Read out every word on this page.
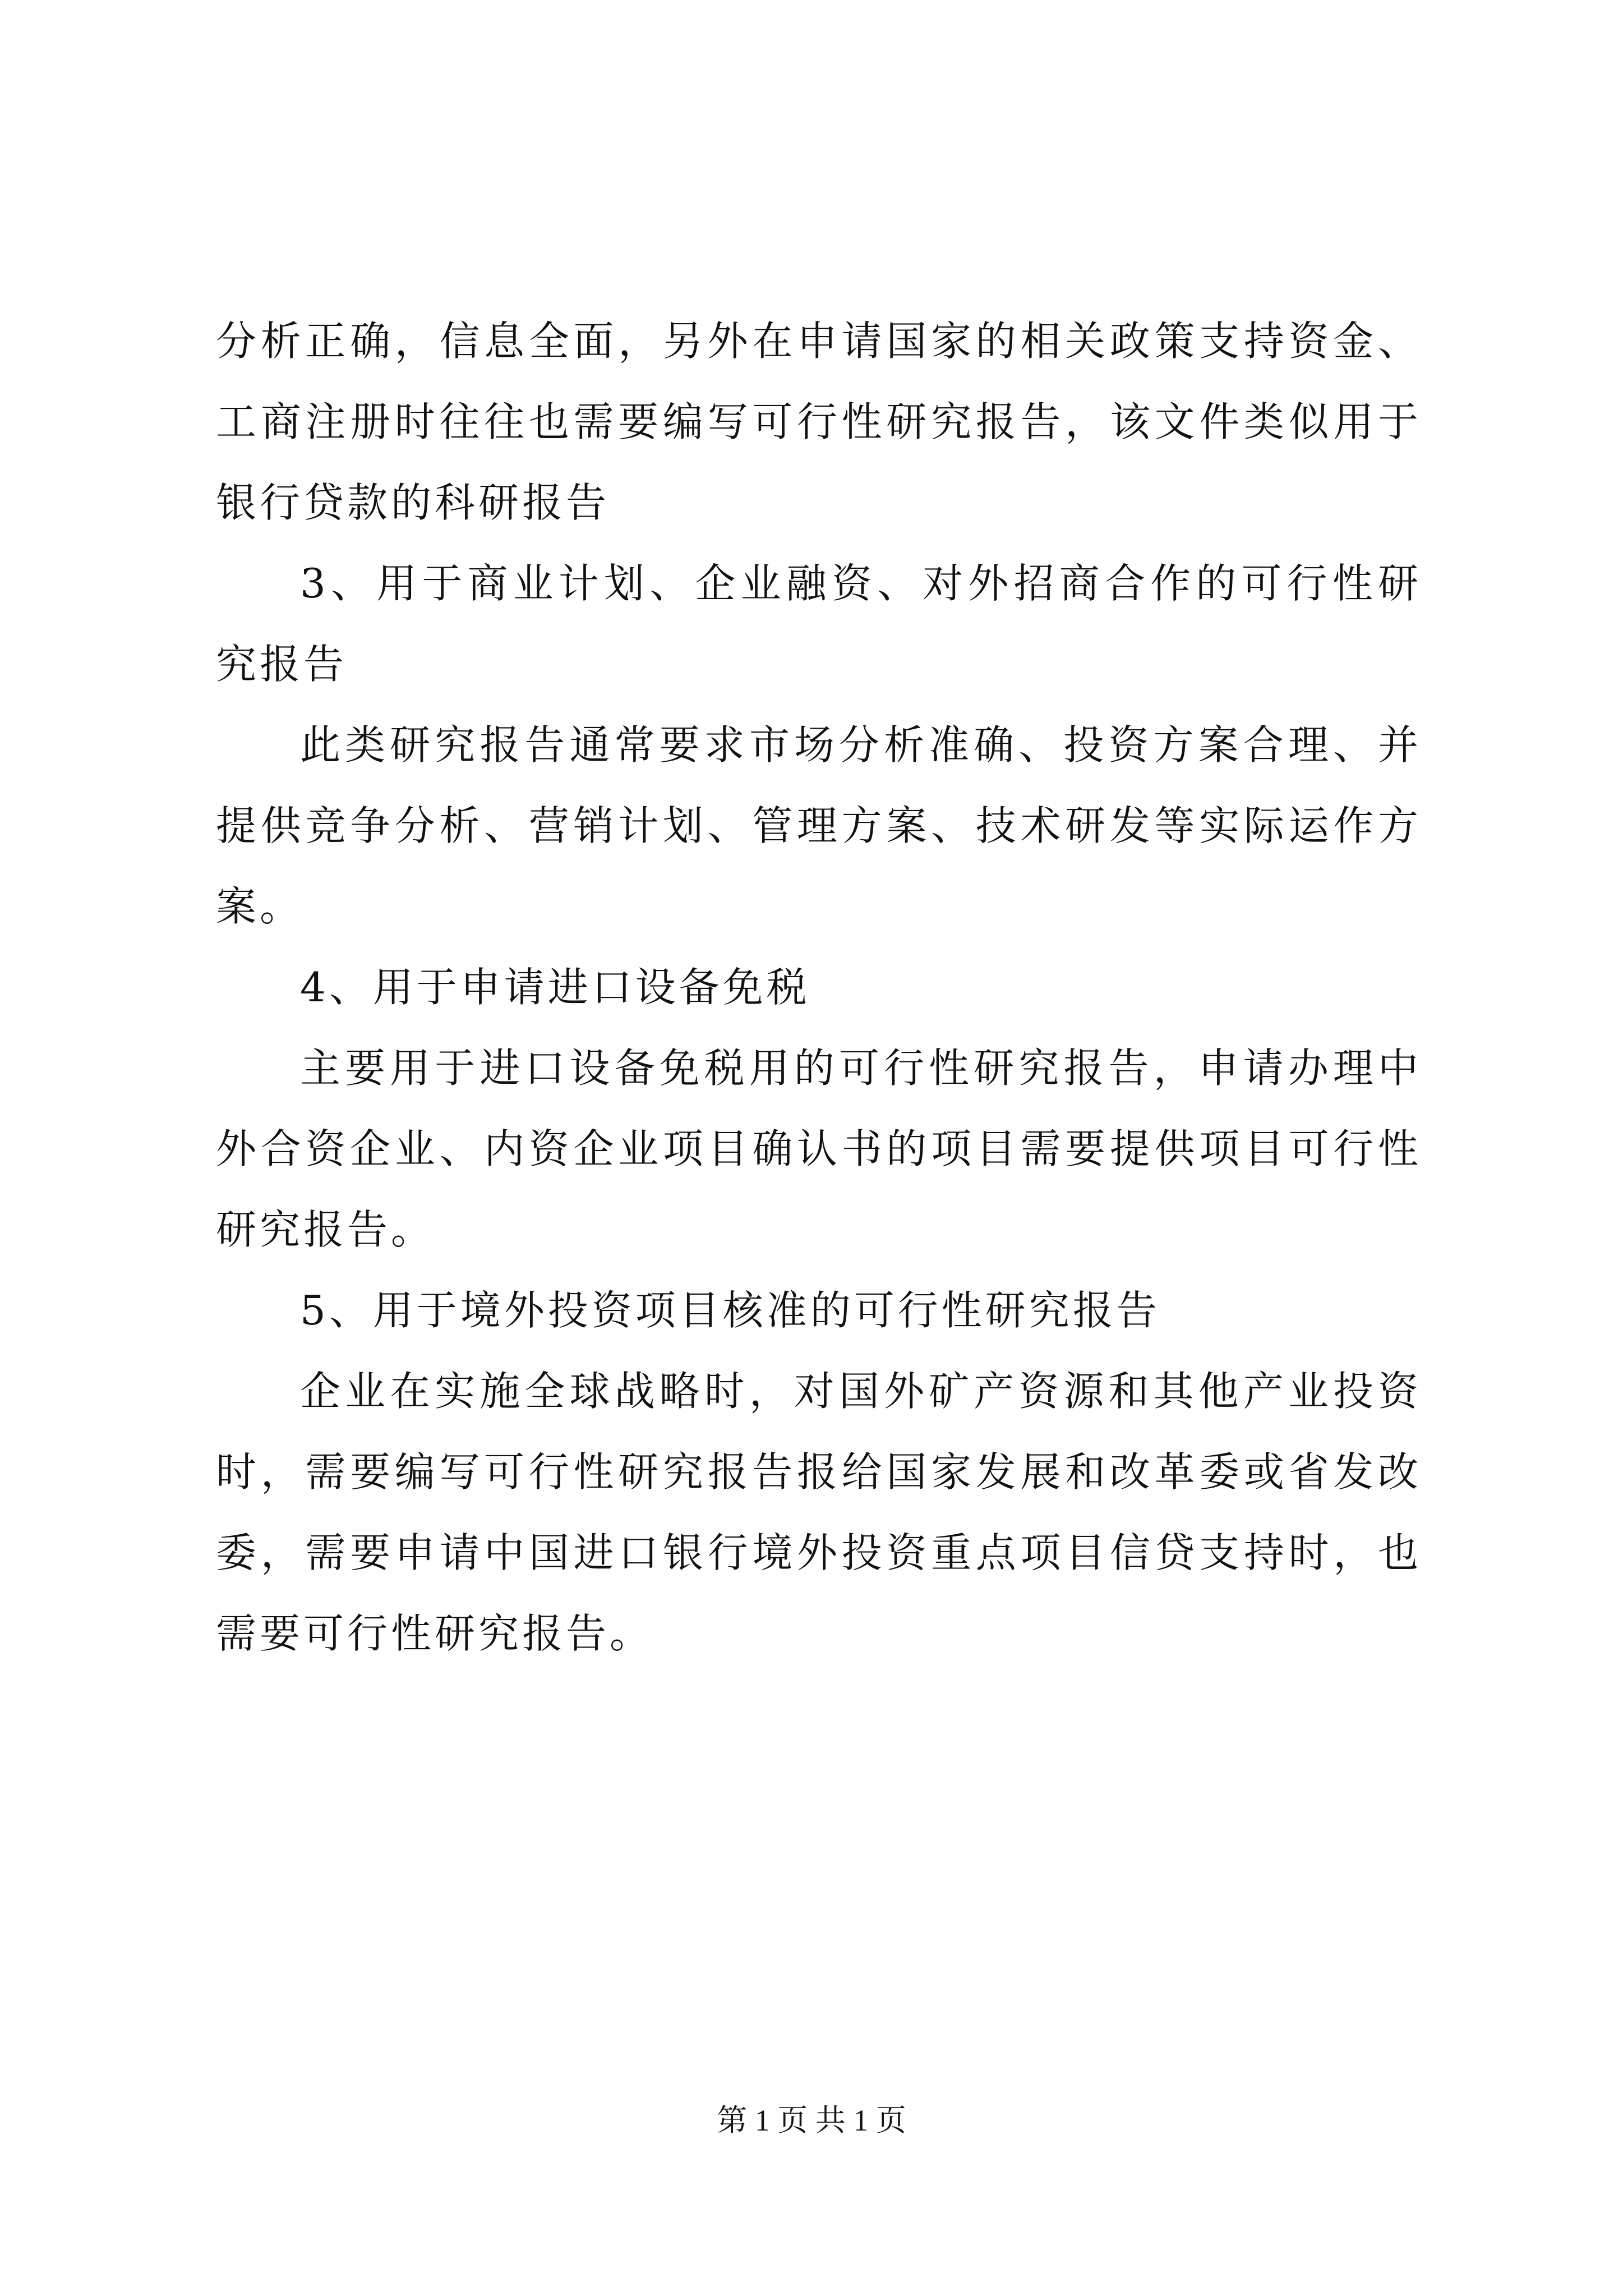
分析正确，信息全面，另外在申请国家的相关政策支持资金、工商注册时往往也需要编写可行性研究报告，该文件类似用于银行贷款的科研报告

3、用于商业计划、企业融资、对外招商合作的可行性研究报告

此类研究报告通常要求市场分析准确、投资方案合理、并提供竞争分析、营销计划、管理方案、技术研发等实际运作方案。

4、用于申请进口设备免税

主要用于进口设备免税用的可行性研究报告，申请办理中外合资企业、内资企业项目确认书的项目需要提供项目可行性研究报告。

5、用于境外投资项目核准的可行性研究报告

企业在实施全球战略时，对国外矿产资源和其他产业投资时，需要编写可行性研究报告报给国家发展和改革委或省发改委，需要申请中国进口银行境外投资重点项目信贷支持时，也需要可行性研究报告。

第 1 页 共 1 页
